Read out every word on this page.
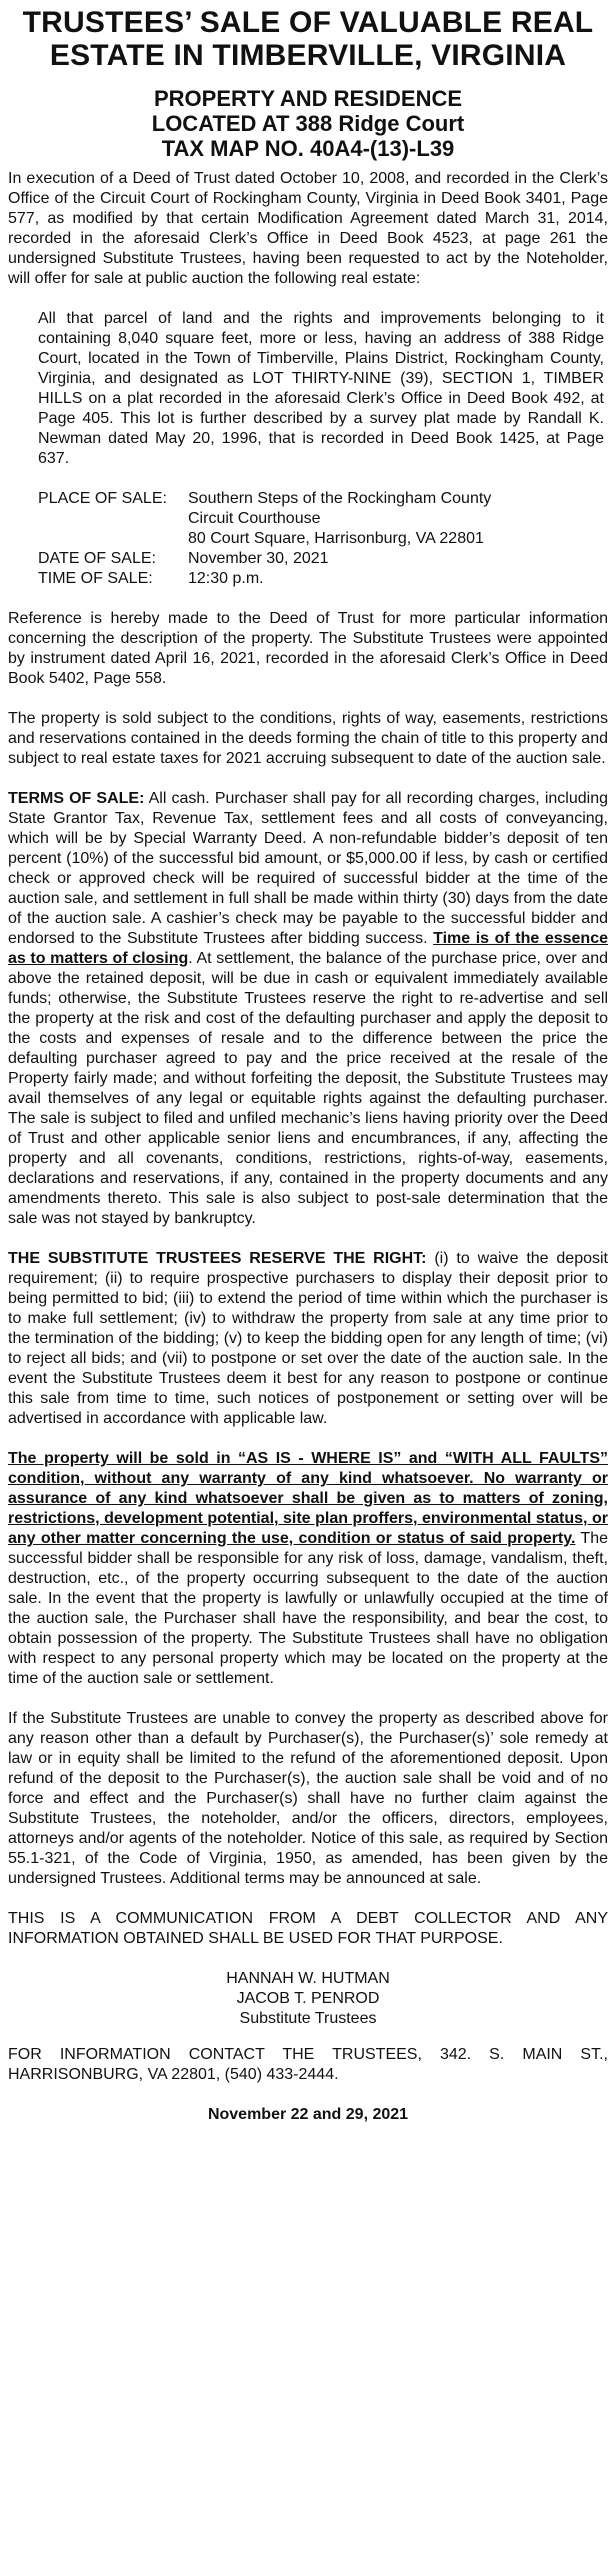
TRUSTEES’ SALE OF VALUABLE REAL
ESTATE IN TIMBERVILLE, VIRGINIA
PROPERTY AND RESIDENCE
LOCATED AT 388 Ridge Court
TAX MAP NO. 40A4-(13)-L39

In execution of a Deed of Trust dated October 10, 2008, and recorded in the Clerk’s Office of the Circuit Court of Rockingham County, Virginia in Deed Book 3401, Page 577, as modified by that certain Modification Agreement dated March 31, 2014, recorded in the aforesaid Clerk’s Office in Deed Book 4523, at page 261 the undersigned Substitute Trustees, having been requested to act by the Noteholder, will offer for sale at public auction the following real estate:

All that parcel of land and the rights and improvements belonging to it containing 8,040 square feet, more or less, having an address of 388 Ridge Court, located in the Town of Timberville, Plains District, Rockingham County, Virginia, and designated as LOT THIRTY-NINE (39), SECTION 1, TIMBER HILLS on a plat recorded in the aforesaid Clerk’s Office in Deed Book 492, at Page 405. This lot is further described by a survey plat made by Randall K. Newman dated May 20, 1996, that is recorded in Deed Book 1425, at Page 637.

PLACE OF SALE:	Southern Steps of the Rockingham County
Circuit Courthouse
80 Court Square, Harrisonburg, VA 22801

DATE OF SALE:	November 30, 2021
TIME OF SALE:	12:30 p.m.

Reference is hereby made to the Deed of Trust for more particular information concerning the description of the property. The Substitute Trustees were appointed by instrument dated April 16, 2021, recorded in the aforesaid Clerk’s Office in Deed Book 5402, Page 558.

The property is sold subject to the conditions, rights of way, easements, restrictions and reservations contained in the deeds forming the chain of title to this property and subject to real estate taxes for 2021 accruing subsequent to date of the auction sale.

TERMS OF SALE: All cash. Purchaser shall pay for all recording charges, including State Grantor Tax, Revenue Tax, settlement fees and all costs of conveyancing, which will be by Special Warranty Deed. A non-refundable bidder’s deposit of ten percent (10%) of the successful bid amount, or $5,000.00 if less, by cash or certified check or approved check will be required of successful bidder at the time of the auction sale, and settlement in full shall be made within thirty (30) days from the date of the auction sale. A cashier’s check may be payable to the successful bidder and endorsed to the Substitute Trustees after bidding success. Time is of the essence as to matters of closing. At settlement, the balance of the purchase price, over and above the retained deposit, will be due in cash or equivalent immediately available funds; otherwise, the Substitute Trustees reserve the right to re-advertise and sell the property at the risk and cost of the defaulting purchaser and apply the deposit to the costs and expenses of resale and to the difference between the price the defaulting purchaser agreed to pay and the price received at the resale of the Property fairly made; and without forfeiting the deposit, the Substitute Trustees may avail themselves of any legal or equitable rights against the defaulting purchaser. The sale is subject to filed and unfiled mechanic’s liens having priority over the Deed of Trust and other applicable senior liens and encumbrances, if any, affecting the property and all covenants, conditions, restrictions, rights-of-way, easements, declarations and reservations, if any, contained in the property documents and any amendments thereto. This sale is also subject to post-sale determination that the sale was not stayed by bankruptcy.

THE SUBSTITUTE TRUSTEES RESERVE THE RIGHT: (i) to waive the deposit requirement; (ii) to require prospective purchasers to display their deposit prior to being permitted to bid; (iii) to extend the period of time within which the purchaser is to make full settlement; (iv) to withdraw the property from sale at any time prior to the termination of the bidding; (v) to keep the bidding open for any length of time; (vi) to reject all bids; and (vii) to postpone or set over the date of the auction sale. In the event the Substitute Trustees deem it best for any reason to postpone or continue this sale from time to time, such notices of postponement or setting over will be advertised in accordance with applicable law.

The property will be sold in “AS IS - WHERE IS” and “WITH ALL FAULTS” condition, without any warranty of any kind whatsoever. No warranty or assurance of any kind whatsoever shall be given as to matters of zoning, restrictions, development potential, site plan proffers, environmental status, or any other matter concerning the use, condition or status of said property. The successful bidder shall be responsible for any risk of loss, damage, vandalism, theft, destruction, etc., of the property occurring subsequent to the date of the auction sale. In the event that the property is lawfully or unlawfully occupied at the time of the auction sale, the Purchaser shall have the responsibility, and bear the cost, to obtain possession of the property. The Substitute Trustees shall have no obligation with respect to any personal property which may be located on the property at the time of the auction sale or settlement.

If the Substitute Trustees are unable to convey the property as described above for any reason other than a default by Purchaser(s), the Purchaser(s)’ sole remedy at law or in equity shall be limited to the refund of the aforementioned deposit. Upon refund of the deposit to the Purchaser(s), the auction sale shall be void and of no force and effect and the Purchaser(s) shall have no further claim against the Substitute Trustees, the noteholder, and/or the officers, directors, employees, attorneys and/or agents of the noteholder. Notice of this sale, as required by Section 55.1-321, of the Code of Virginia, 1950, as amended, has been given by the undersigned Trustees. Additional terms may be announced at sale.

THIS IS A COMMUNICATION FROM A DEBT COLLECTOR AND ANY INFORMATION OBTAINED SHALL BE USED FOR THAT PURPOSE.

HANNAH W. HUTMAN
JACOB T. PENROD
Substitute Trustees

FOR INFORMATION CONTACT THE TRUSTEES, 342. S. MAIN ST., HARRISONBURG, VA 22801, (540) 433-2444.

November 22 and 29, 2021
